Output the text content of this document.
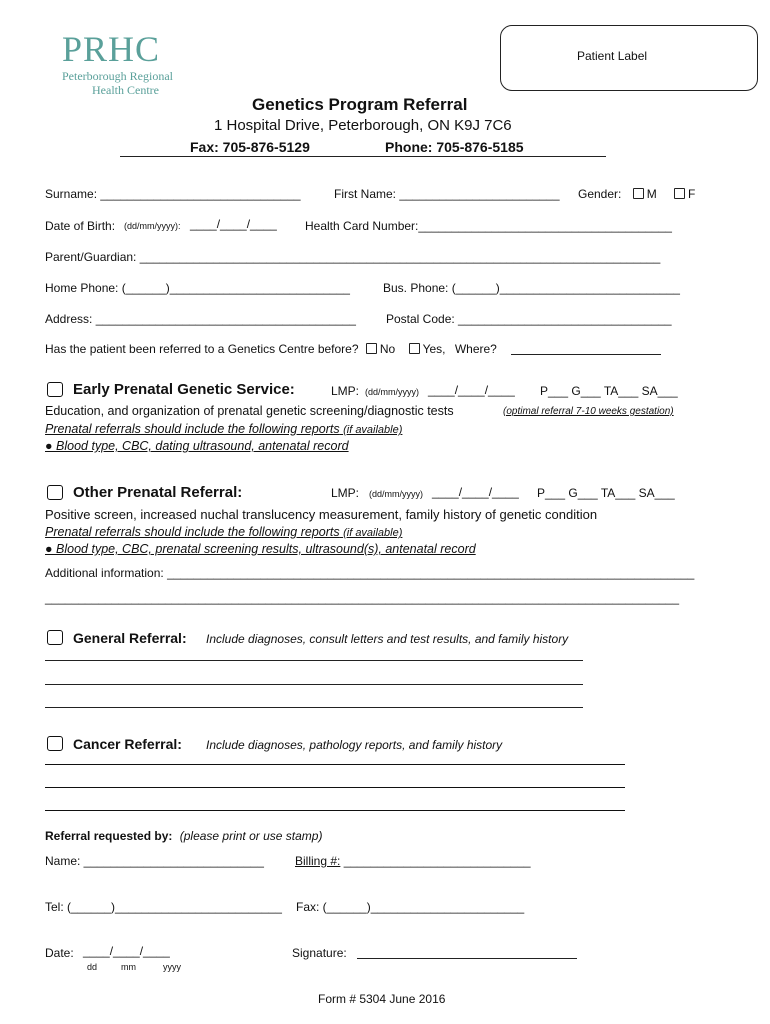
PRHC
Peterborough Regional
Health Centre
Patient Label
Genetics Program Referral
1 Hospital Drive, Peterborough, ON K9J 7C6
Fax: 705-876-5129	Phone: 705-876-5185
Surname: ______________________________	First Name: ________________________ Gender: M	F
Date of Birth: (dd/mm/yyyy): ____/____/____ Health Card Number:______________________________________
Parent/Guardian: ______________________________________________________________________________
Home Phone: (______)___________________________	Bus. Phone: (______)___________________________
Address: _______________________________________	Postal Code: ________________________________
Has the patient been referred to a Genetics Centre before? No Yes, Where?
Early Prenatal Genetic Service:	LMP: (dd/mm/yyyy) ____/____/____ P___ G___ TA___ SA___
Education, and organization of prenatal genetic screening/diagnostic tests	(optimal referral 7-10 weeks gestation)
Prenatal referrals should include the following reports (if available)
● Blood type, CBC, dating ultrasound, antenatal record
Other Prenatal Referral:	LMP: (dd/mm/yyyy) ____/____/____ P___ G___ TA___ SA___
Positive screen, increased nuchal translucency measurement, family history of genetic condition
Prenatal referrals should include the following reports (if available)
● Blood type, CBC, prenatal screening results, ultrasound(s), antenatal record
Additional information: _______________________________________________________________________________
_______________________________________________________________________________________________
General Referral: Include diagnoses, consult letters and test results, and family history
Cancer Referral: Include diagnoses, pathology reports, and family history
Referral requested by: (please print or use stamp)
Name: ___________________________	Billing #: ____________________________
Tel: (______)_________________________ Fax: (______)_______________________
Date: ____/____/____
dd	mm	yyyy
Signature:
Form # 5304 June 2016
